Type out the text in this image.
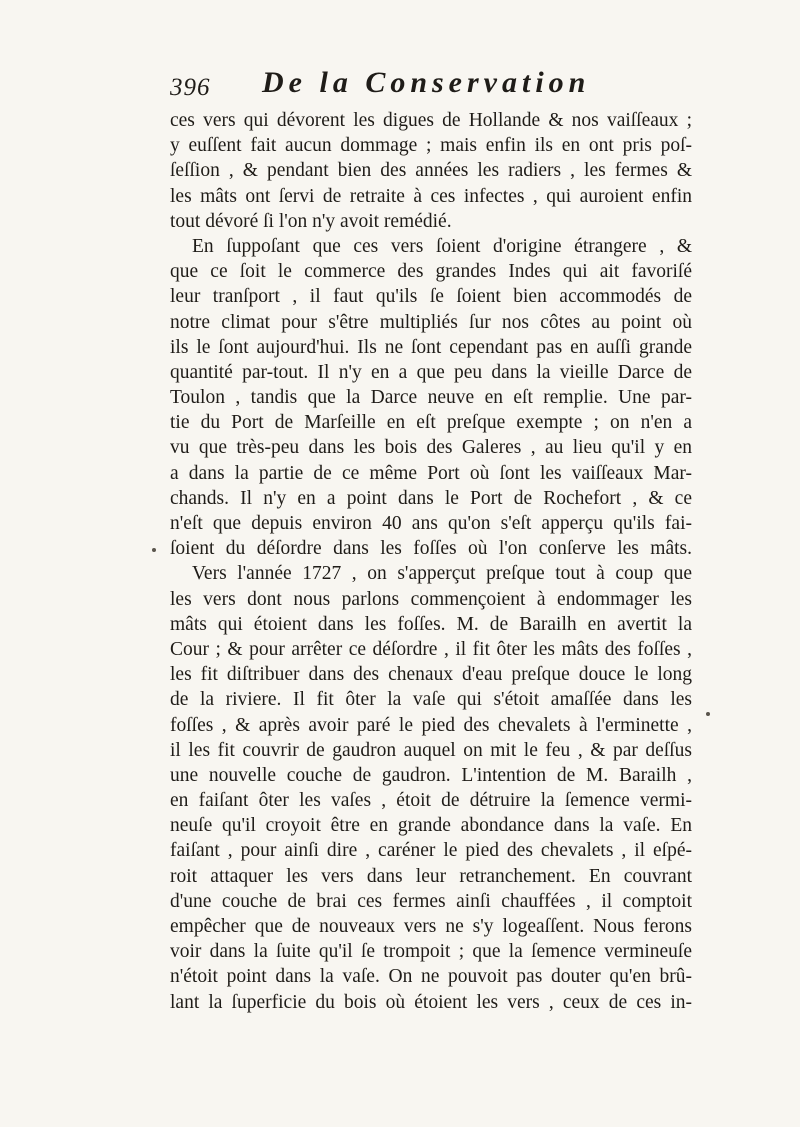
396 De la Conservation
ces vers qui dévorent les digues de Hollande & nos vaiſſeaux ;
y euſſent fait aucun dommage ; mais enfin ils en ont pris poſ-
ſeſſion , & pendant bien des années les radiers , les fermes &
les mâts ont ſervi de retraite à ces infectes , qui auroient enfin
tout dévoré ſi l'on n'y avoit remédié.
En ſuppoſant que ces vers ſoient d'origine étrangere , &
que ce ſoit le commerce des grandes Indes qui ait favoriſé
leur tranſport , il faut qu'ils ſe ſoient bien accommodés de
notre climat pour s'être multipliés ſur nos côtes au point où
ils le ſont aujourd'hui. Ils ne ſont cependant pas en auſſi grande
quantité par-tout. Il n'y en a que peu dans la vieille Darce de
Toulon , tandis que la Darce neuve en eſt remplie. Une par-
tie du Port de Marſeille en eſt preſque exempte ; on n'en a
vu que très-peu dans les bois des Galeres , au lieu qu'il y en
a dans la partie de ce même Port où ſont les vaiſſeaux Mar-
chands. Il n'y en a point dans le Port de Rochefort , & ce
n'eſt que depuis environ 40 ans qu'on s'eſt apperçu qu'ils fai-
ſoient du déſordre dans les foſſes où l'on conſerve les mâts.
Vers l'année 1727 , on s'apperçut preſque tout à coup que
les vers dont nous parlons commençoient à endommager les
mâts qui étoient dans les foſſes. M. de Barailh en avertit la
Cour ; & pour arrêter ce déſordre , il fit ôter les mâts des foſſes ,
les fit diſtribuer dans des chenaux d'eau preſque douce le long
de la riviere. Il fit ôter la vaſe qui s'étoit amaſſée dans les
foſſes , & après avoir paré le pied des chevalets à l'erminette ,
il les fit couvrir de gaudron auquel on mit le feu , & par deſſus
une nouvelle couche de gaudron. L'intention de M. Barailh ,
en faiſant ôter les vaſes , étoit de détruire la ſemence vermi-
neuſe qu'il croyoit être en grande abondance dans la vaſe. En
faiſant , pour ainſi dire , caréner le pied des chevalets , il eſpé-
roit attaquer les vers dans leur retranchement. En couvrant
d'une couche de brai ces fermes ainſi chauffées , il comptoit
empêcher que de nouveaux vers ne s'y logeaſſent. Nous ferons
voir dans la ſuite qu'il ſe trompoit ; que la ſemence vermineuſe
n'étoit point dans la vaſe. On ne pouvoit pas douter qu'en brû-
lant la ſuperficie du bois où étoient les vers , ceux de ces in-
